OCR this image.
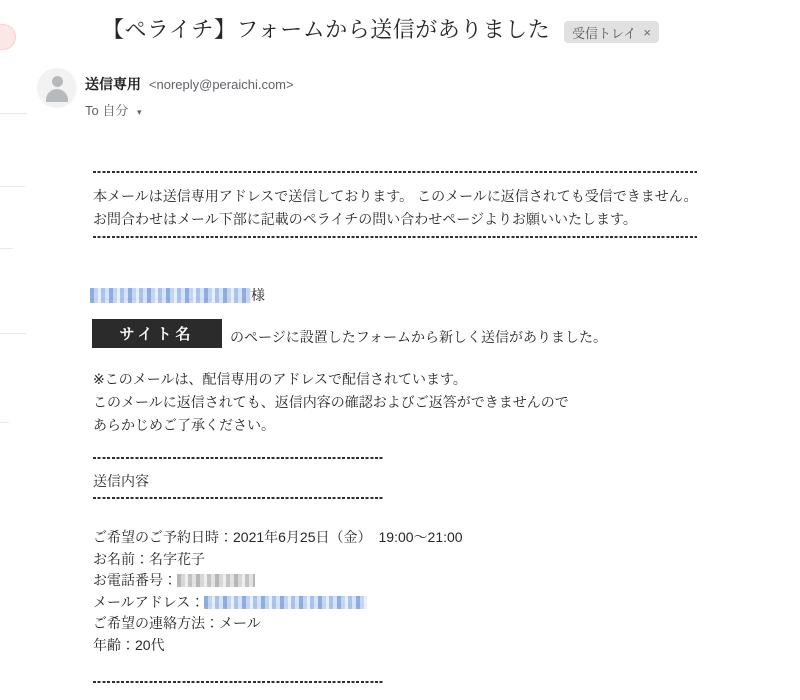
【ペライチ】フォームから送信がありました 受信トレイ ×
送信専用 <noreply@peraichi.com>
To 自分 ▾
本メールは送信専用アドレスで送信しております。 このメールに返信されても受信できません。
お問合わせはメール下部に記載のペライチの問い合わせページよりお願いいたします。
様
サイト名	のページに設置したフォームから新しく送信がありました。
※このメールは、配信専用のアドレスで配信されています。
このメールに返信されても、返信内容の確認およびご返答ができませんので
あらかじめご了承ください。
送信内容
ご希望のご予約日時：2021年6月25日（金）　19:00～21:00
お名前：名字花子
お電話番号：
メールアドレス：
ご希望の連絡方法：メール
年齢：20代
